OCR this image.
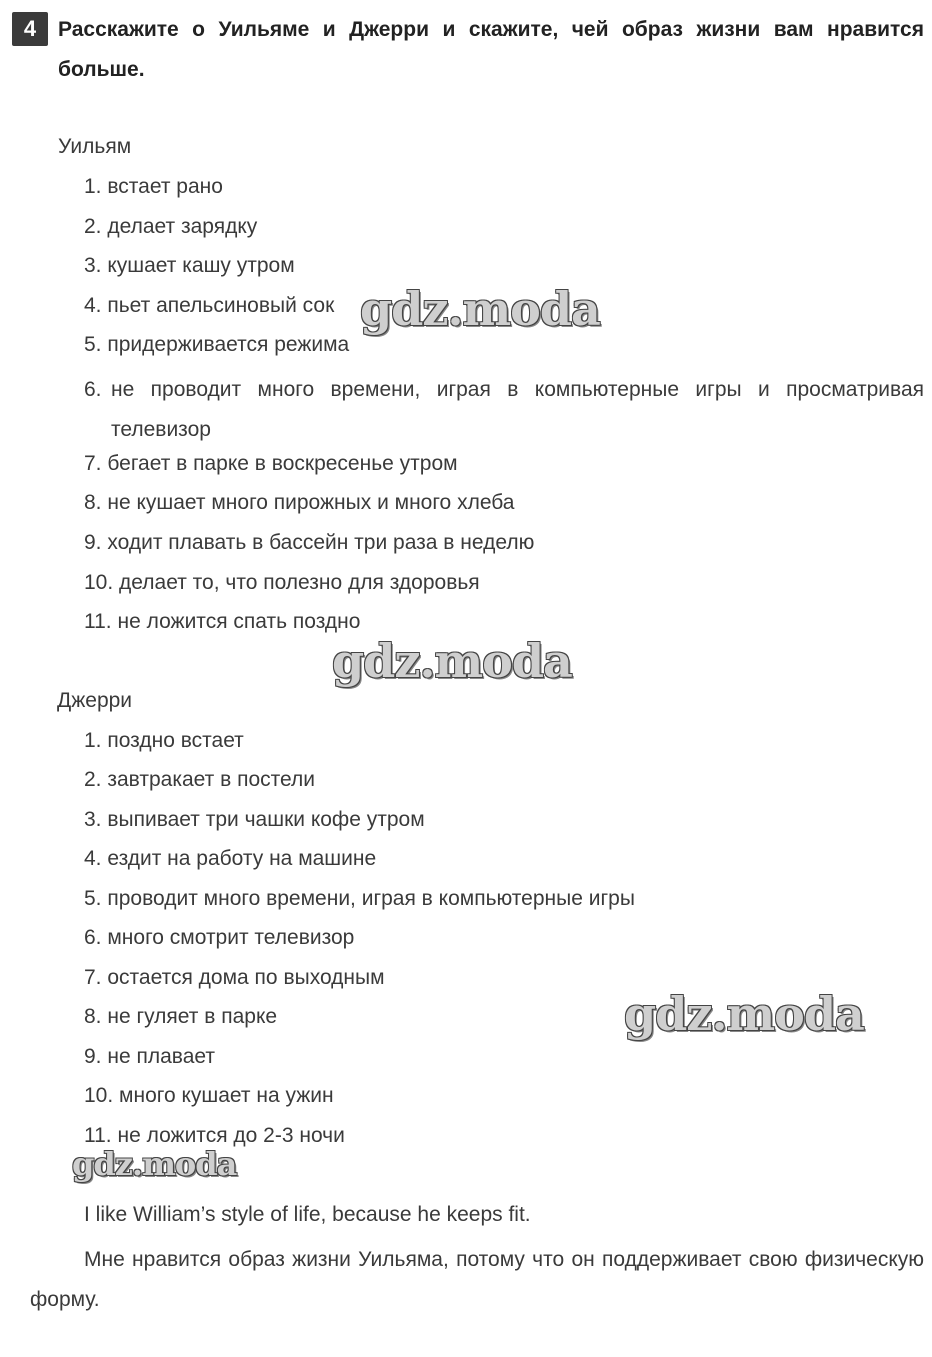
4	Расскажите о Уильяме и Джерри и скажите, чей образ жизни вам нравится больше.
Уильям
1. встает рано
2. делает зарядку
3. кушает кашу утром
4. пьет апельсиновый сок
5. придерживается режима
6. не проводит много времени, играя в компьютерные игры и просматривая телевизор
7. бегает в парке в воскресенье утром
8. не кушает много пирожных и много хлеба
9. ходит плавать в бассейн три раза в неделю
10. делает то, что полезно для здоровья
11. не ложится спать поздно
Джерри
1. поздно встает
2. завтракает в постели
3. выпивает три чашки кофе утром
4. ездит на работу на машине
5. проводит много времени, играя в компьютерные игры
6. много смотрит телевизор
7. остается дома по выходным
8. не гуляет в парке
9. не плавает
10. много кушает на ужин
11. не ложится до 2-3 ночи
I like William’s style of life, because he keeps fit.
Мне нравится образ жизни Уильяма, потому что он поддерживает свою физическую форму.
gdz.moda
gdz.moda
gdz.moda
gdz.moda
